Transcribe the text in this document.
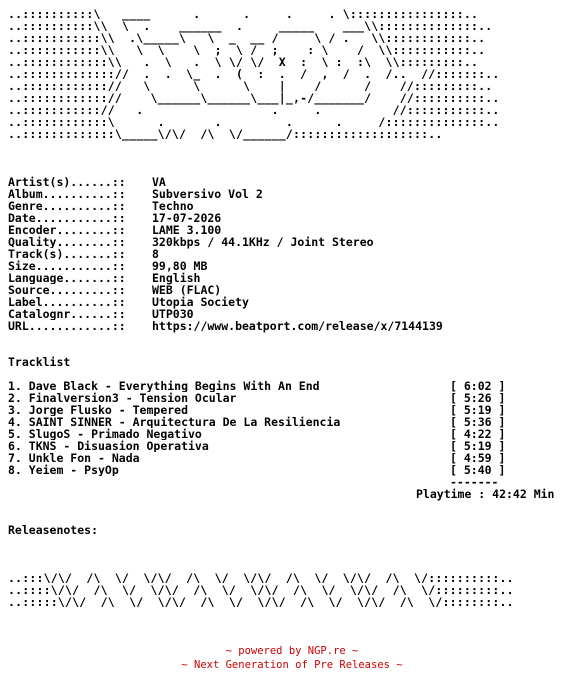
..::::::::::\   ____      .      .     .     . \::::::::::::::::..
..::::::::::\\  \  .    ______  .     _____    ___\\::::::::::::::..
..:::::::::::\\  .\_____\   \  _  __ /     \ / .   \\::::::::::::..
..:::::::::::\\   \  \    \  ;  \ /  ;    : \    /  \\:::::::::::..
..::::::::::::\\   .  \   .  \ \/ \/  X  :  \ :  :\  \\:::::::::..
..::::::::::::://  .  .  \_  .  (  :  .  /  ,  /  .  /..  //:::::::..
..:::::::::::://   \      \      \    |    /      /    //:::::::::..
..:::::::::::://    \______\______\___|_,-/_______/    //::::::::::..
..::::::::::://   .                  .     .          //:::::::::::..
..::::::::::::\      .       .         .      .     /::::::::::::::..
..:::::::::::::\_____\/\/  /\  \/______/:::::::::::::::::::..
Artist(s)......::	VA
Album..........::	Subversivo Vol 2
Genre..........::	Techno
Date...........::	17-07-2026
Encoder........::	LAME 3.100
Quality........::	320kbps / 44.1KHz / Joint Stereo
Track(s).......::	8
Size...........::	99,80 MB
Language.......::	English
Source.........::	WEB (FLAC)
Label..........::	Utopia Society
Catalognr......::	UTP030
URL............::	https://www.beatport.com/release/x/7144139
Tracklist
1. Dave Black - Everything Begins With An End	[ 6:02 ]
2. Finalversion3 - Tension Ocular	[ 5:26 ]
3. Jorge Flusko - Tempered	[ 5:19 ]
4. SAINT SINNER - Arquitectura De La Resiliencia	[ 5:36 ]
5. SlugoS - Primado Negativo	[ 4:22 ]
6. TKNS - Disuasion Operativa	[ 5:19 ]
7. Unkle Fon - Nada	[ 4:59 ]
8. Yeiem - PsyOp	[ 5:40 ]
-------
Playtime : 42:42 Min
Releasenotes:
..:::\/\/  /\  \/  \/\/  /\  \/  \/\/  /\  \/  \/\/  /\  \/::::::::::..
..::::\/\/  /\  \/  \/\/  /\  \/  \/\/  /\  \/  \/\/  /\  \/:::::::::..
..:::::\/\/  /\  \/  \/\/  /\  \/  \/\/  /\  \/  \/\/  /\  \/::::::::..
~ powered by NGP.re ~
~ Next Generation of Pre Releases ~
